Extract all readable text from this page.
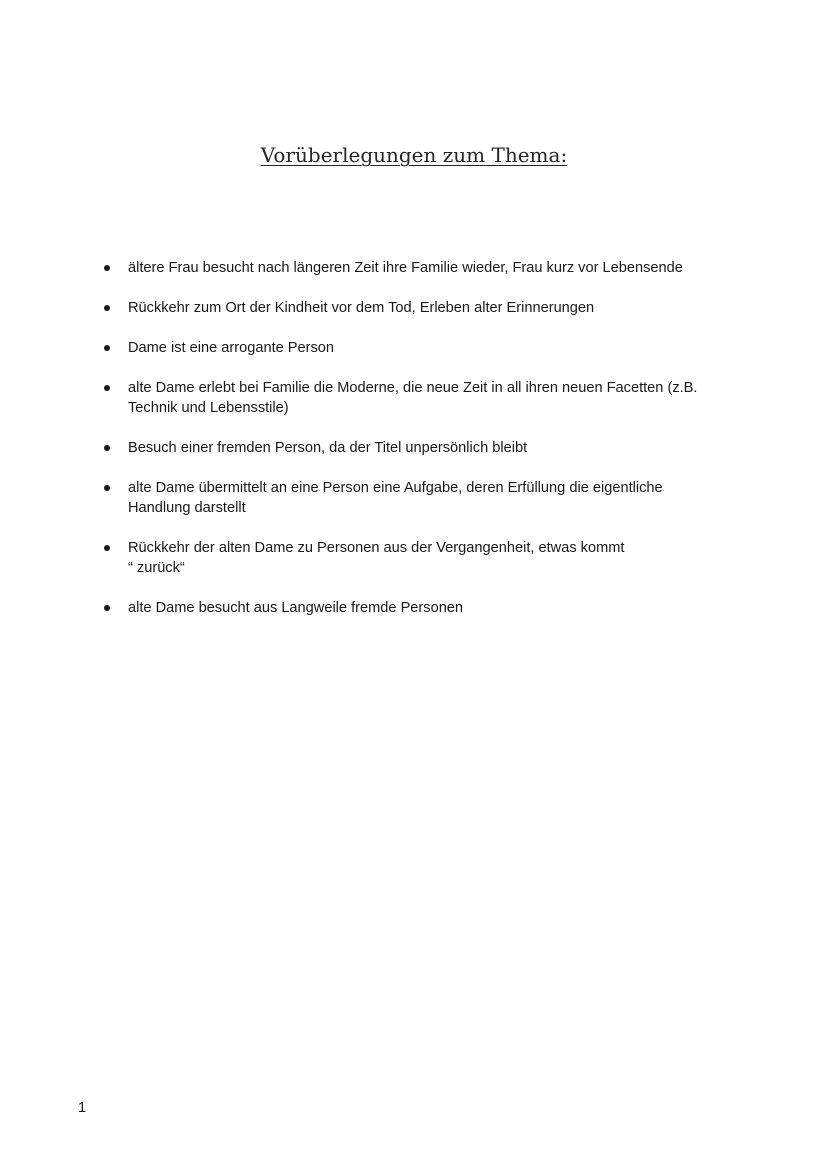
Vorüberlegungen zum Thema:
ältere Frau besucht nach längeren Zeit ihre Familie wieder, Frau kurz vor Lebensende
Rückkehr zum Ort der Kindheit vor dem Tod, Erleben alter Erinnerungen
Dame ist eine arrogante Person
alte Dame erlebt bei Familie die Moderne, die neue Zeit in all ihren neuen Facetten (z.B.
Technik und Lebensstile)
Besuch einer fremden Person, da der Titel unpersönlich bleibt
alte Dame übermittelt an eine Person eine Aufgabe, deren Erfüllung die eigentliche
Handlung darstellt
Rückkehr der alten Dame zu Personen aus der Vergangenheit, etwas kommt
“ zurück“
alte Dame besucht aus Langweile fremde Personen
1
